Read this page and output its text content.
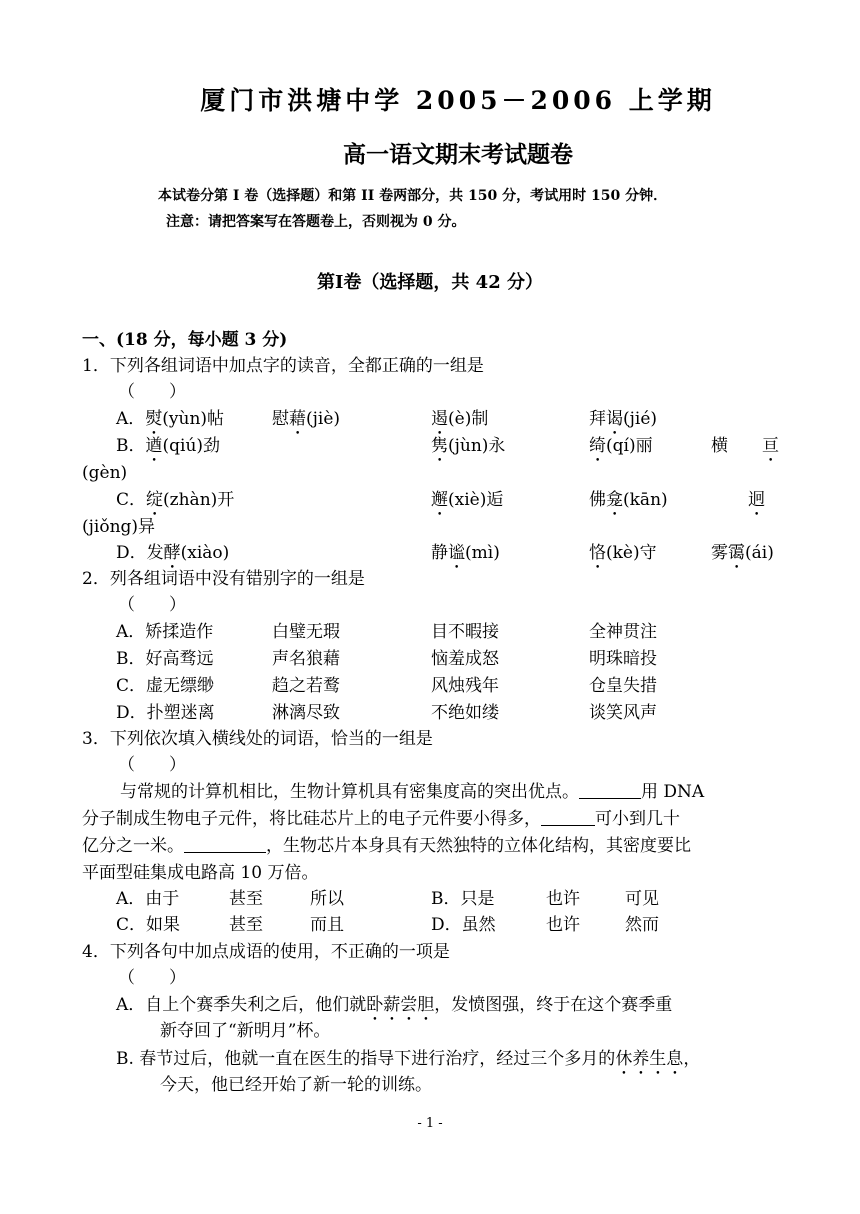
厦门市洪塘中学 2005－2006 上学期
高一语文期末考试题卷
本试卷分第 I 卷（选择题）和第 II 卷两部分，共 150 分，考试用时 150 分钟．
注意：请把答案写在答题卷上，否则视为 0 分。
第Ⅰ卷（选择题，共 42 分）
一、(18 分，每小题 3 分)
1．下列各组词语中加点字的读音，全都正确的一组是
（　　）
A．熨(yùn)帖	慰藉(jiè)	遏(è)制	拜谒(jié)
B．遒(qiú)劲	隽(jùn)永	绮(qí)丽	横 亘
(gèn)
C．绽(zhàn)开	邂(xiè)逅	佛龛(kān)	迥
(jiǒng)异
D．发酵(xiào)	静谧(mì)	恪(kè)守	雾霭(ái)
2．列各组词语中没有错别字的一组是
（　　）
A．矫揉造作	白璧无瑕	目不暇接	全神贯注
B．好高骛远	声名狼藉	恼羞成怒	明珠暗投
C．虚无缥缈	趋之若鹜	风烛残年	仓皇失措
D．扑塑迷离	淋漓尽致	不绝如缕	谈笑风声
3．下列依次填入横线处的词语，恰当的一组是
（　　）
与常规的计算机相比，生物计算机具有密集度高的突出优点。	用 DNA
分子制成生物电子元件，将比硅芯片上的电子元件要小得多，	可小到几十
亿分之一米。	，生物芯片本身具有天然独特的立体化结构，其密度要比
平面型硅集成电路高 10 万倍。
A．由于	甚至	所以	B．只是	也许	可见
C．如果	甚至	而且	D．虽然	也许	然而
4．下列各句中加点成语的使用，不正确的一项是
（　　）
A．自上个赛季失利之后，他们就卧薪尝胆，发愤图强，终于在这个赛季重
新夺回了“新明月”杯。
B. 春节过后，他就一直在医生的指导下进行治疗，经过三个多月的休养生息，
今天，他已经开始了新一轮的训练。
- 1 -
